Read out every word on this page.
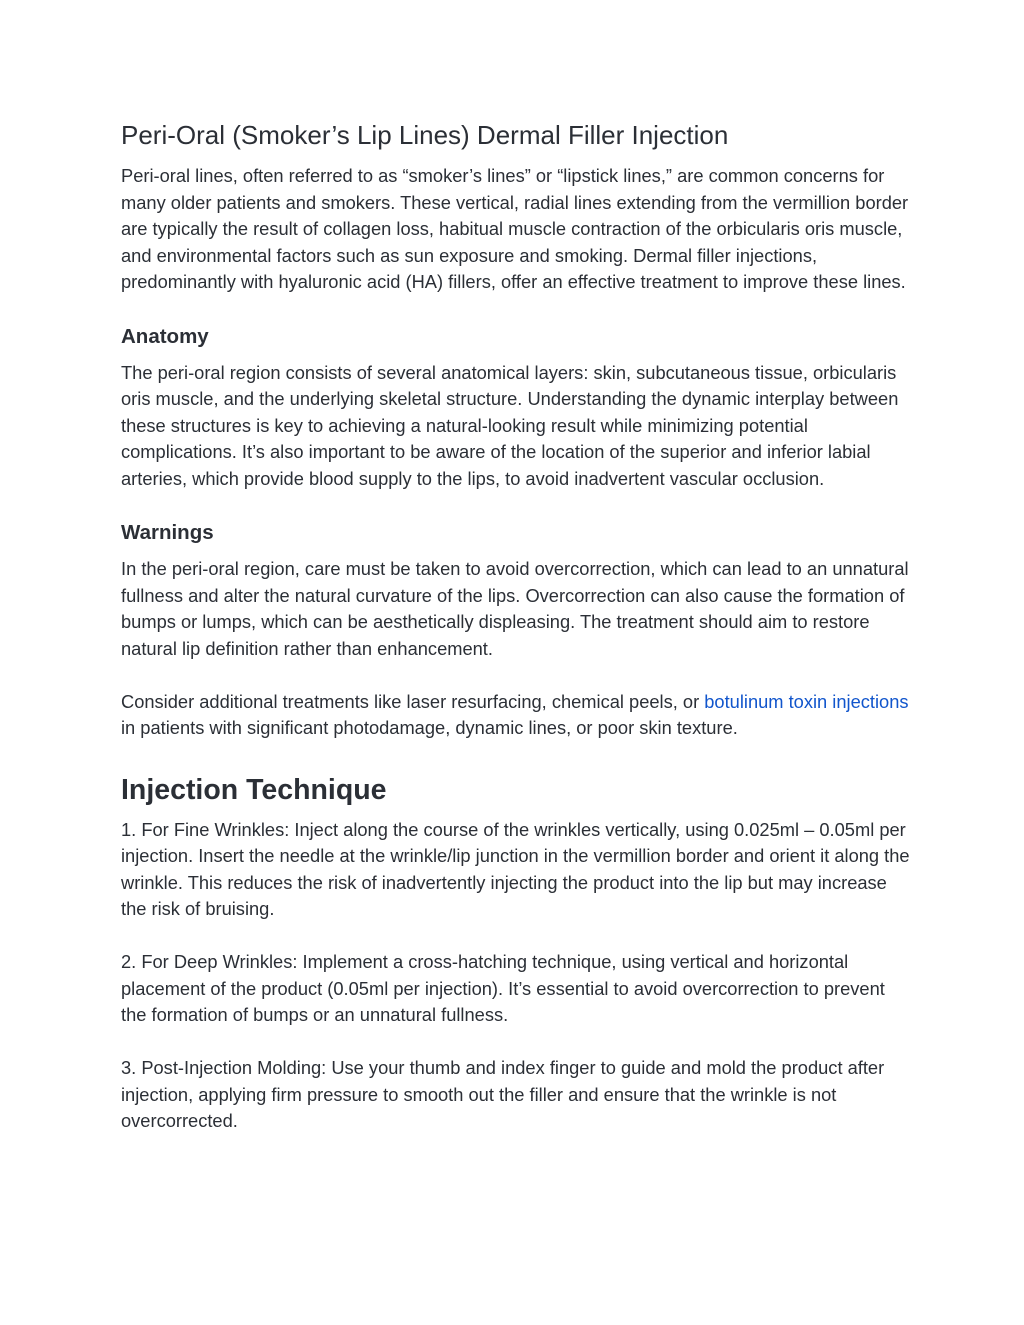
Peri-Oral (Smoker’s Lip Lines) Dermal Filler Injection

Peri-oral lines, often referred to as “smoker’s lines” or “lipstick lines,” are common concerns for many older patients and smokers. These vertical, radial lines extending from the vermillion border are typically the result of collagen loss, habitual muscle contraction of the orbicularis oris muscle, and environmental factors such as sun exposure and smoking. Dermal filler injections, predominantly with hyaluronic acid (HA) fillers, offer an effective treatment to improve these lines.

Anatomy

The peri-oral region consists of several anatomical layers: skin, subcutaneous tissue, orbicularis oris muscle, and the underlying skeletal structure. Understanding the dynamic interplay between these structures is key to achieving a natural-looking result while minimizing potential complications. It’s also important to be aware of the location of the superior and inferior labial arteries, which provide blood supply to the lips, to avoid inadvertent vascular occlusion.

Warnings

In the peri-oral region, care must be taken to avoid overcorrection, which can lead to an unnatural fullness and alter the natural curvature of the lips. Overcorrection can also cause the formation of bumps or lumps, which can be aesthetically displeasing. The treatment should aim to restore natural lip definition rather than enhancement.

Consider additional treatments like laser resurfacing, chemical peels, or botulinum toxin injections in patients with significant photodamage, dynamic lines, or poor skin texture.

Injection Technique

1. For Fine Wrinkles: Inject along the course of the wrinkles vertically, using 0.025ml – 0.05ml per injection. Insert the needle at the wrinkle/lip junction in the vermillion border and orient it along the wrinkle. This reduces the risk of inadvertently injecting the product into the lip but may increase the risk of bruising.

2. For Deep Wrinkles: Implement a cross-hatching technique, using vertical and horizontal placement of the product (0.05ml per injection). It’s essential to avoid overcorrection to prevent the formation of bumps or an unnatural fullness.

3. Post-Injection Molding: Use your thumb and index finger to guide and mold the product after injection, applying firm pressure to smooth out the filler and ensure that the wrinkle is not overcorrected.
